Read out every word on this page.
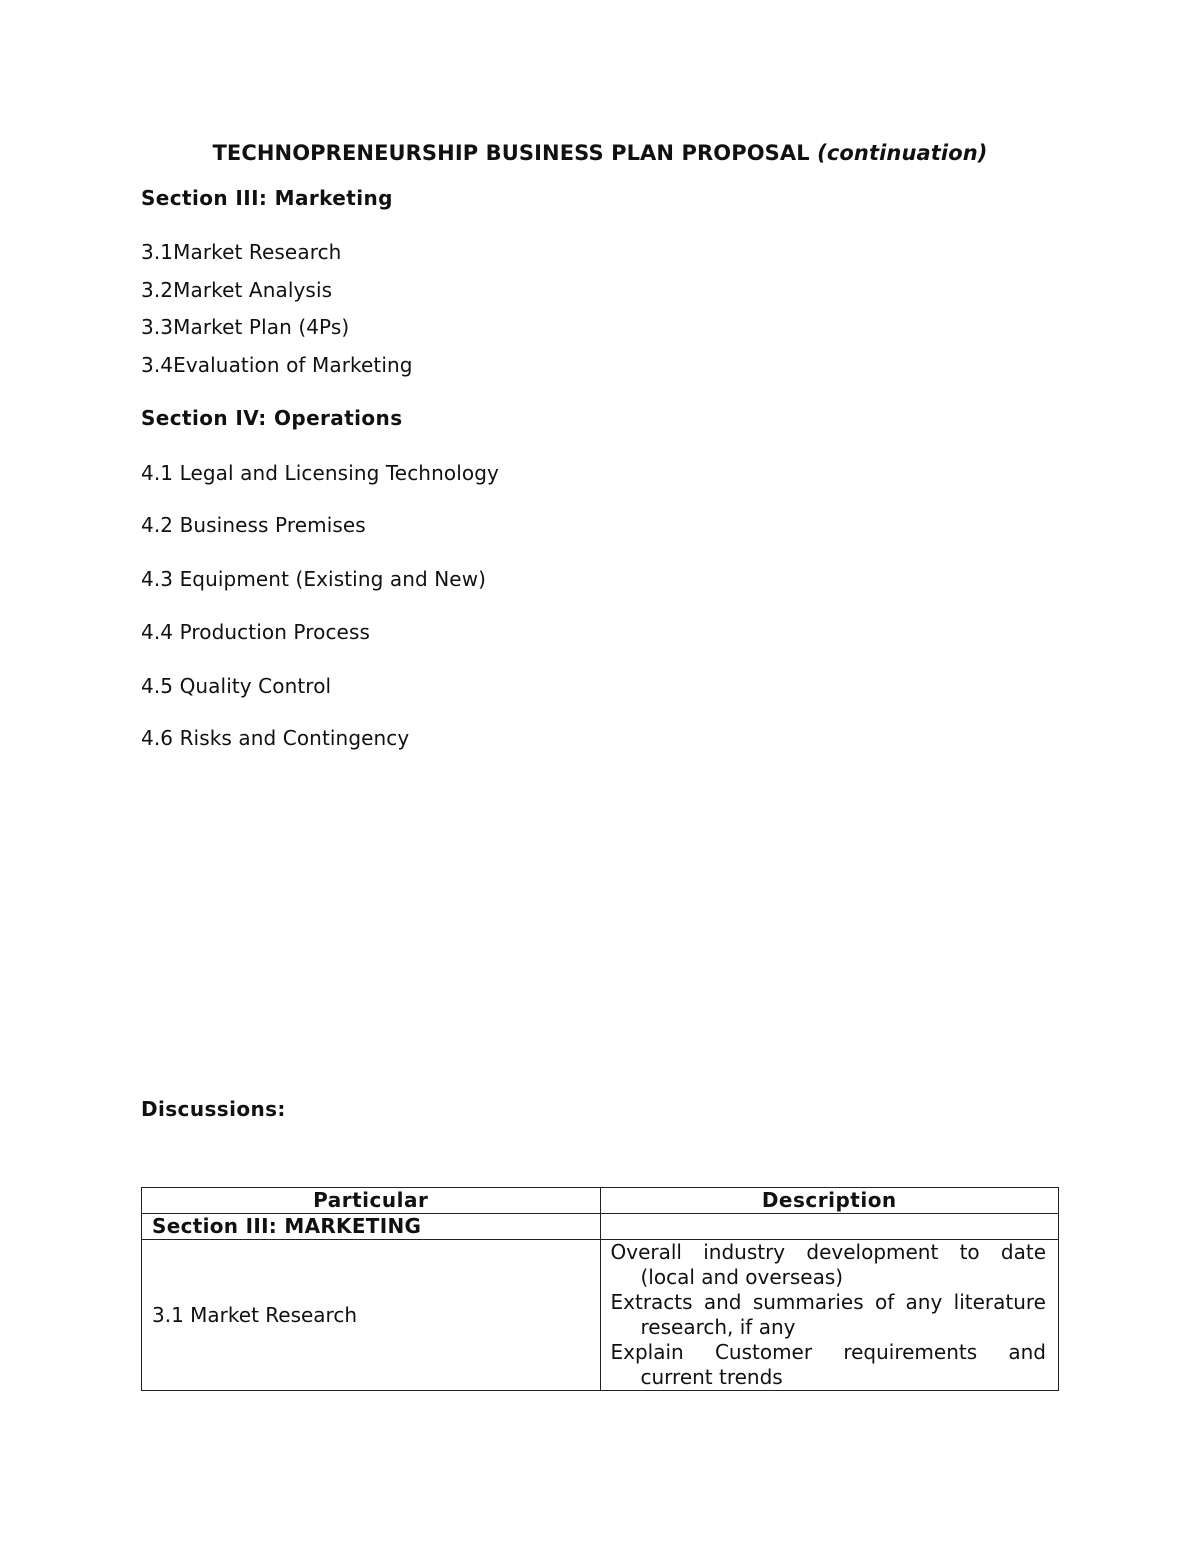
TECHNOPRENEURSHIP BUSINESS PLAN PROPOSAL (continuation)
Section III: Marketing
3.1Market Research
3.2Market Analysis
3.3Market Plan (4Ps)
3.4Evaluation of Marketing
Section IV: Operations
4.1 Legal and Licensing Technology
4.2 Business Premises
4.3 Equipment (Existing and New)
4.4 Production Process
4.5 Quality Control
4.6 Risks and Contingency
Discussions:
Particular	Description
Section III: MARKETING	
3.1 Market Research	Overall industry development to date (local and overseas)
Extracts and summaries of any literature research, if any
Explain Customer requirements and current trends
